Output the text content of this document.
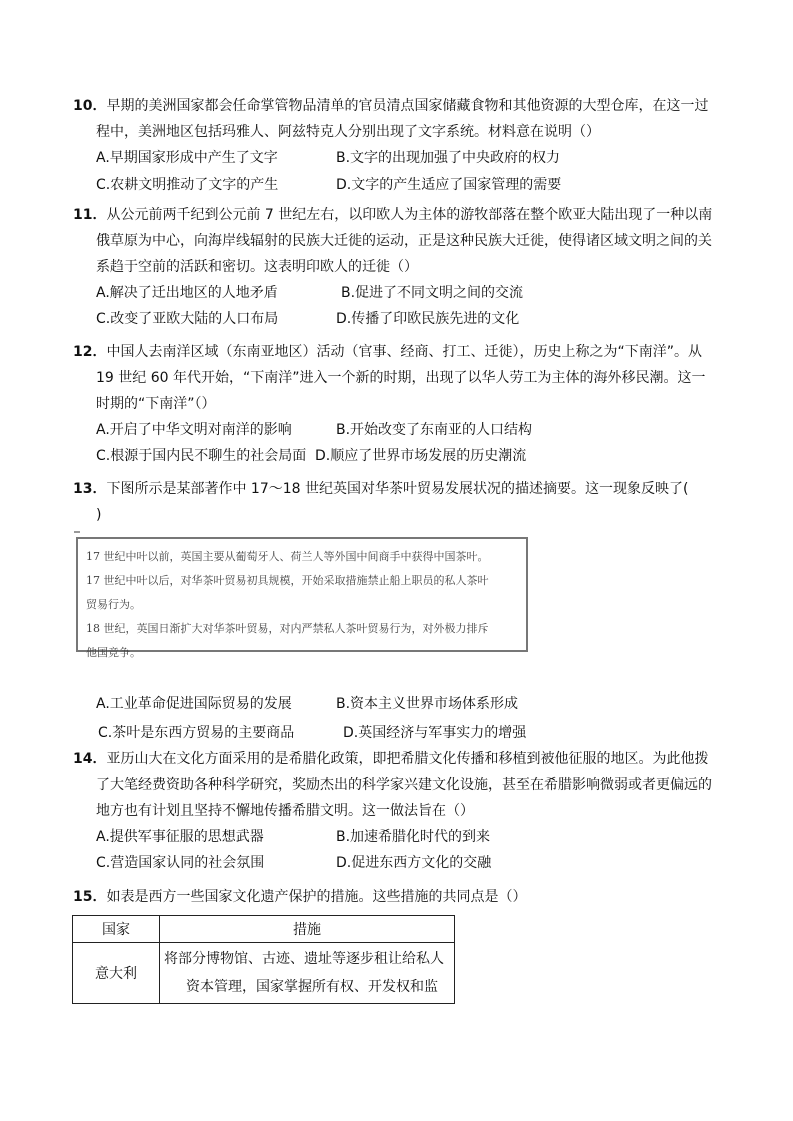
10．早期的美洲国家都会任命掌管物品清单的官员清点国家储藏食物和其他资源的大型仓库，在这一过
程中，美洲地区包括玛雅人、阿兹特克人分别出现了文字系统。材料意在说明（）
A.早期国家形成中产生了文字	B.文字的出现加强了中央政府的权力
C.农耕文明推动了文字的产生	D.文字的产生适应了国家管理的需要
11．从公元前两千纪到公元前 7 世纪左右，以印欧人为主体的游牧部落在整个欧亚大陆出现了一种以南
俄草原为中心，向海岸线辐射的民族大迁徙的运动，正是这种民族大迁徙，使得诸区域文明之间的关
系趋于空前的活跃和密切。这表明印欧人的迁徙（）
A.解决了迁出地区的人地矛盾	B.促进了不同文明之间的交流
C.改变了亚欧大陆的人口布局	D.传播了印欧民族先进的文化
12．中国人去南洋区域（东南亚地区）活动（官事、经商、打工、迁徙），历史上称之为“下南洋”。从
19 世纪 60 年代开始，“下南洋”进入一个新的时期，出现了以华人劳工为主体的海外移民潮。这一
时期的“下南洋”（）
A.开启了中华文明对南洋的影响	B.开始改变了东南亚的人口结构
C.根源于国内民不聊生的社会局面 D.顺应了世界市场发展的历史潮流
13．下图所示是某部著作中 17～18 世纪英国对华茶叶贸易发展状况的描述摘要。这一现象反映了(
)
17 世纪中叶以前，英国主要从葡萄牙人、荷兰人等外国中间商手中获得中国茶叶。
17 世纪中叶以后，对华茶叶贸易初具规模，开始采取措施禁止船上职员的私人茶叶
贸易行为。
18 世纪，英国日渐扩大对华茶叶贸易，对内严禁私人茶叶贸易行为，对外极力排斥
他国竞争。
A.工业革命促进国际贸易的发展	B.资本主义世界市场体系形成
C.茶叶是东西方贸易的主要商品	D.英国经济与军事实力的增强
14．亚历山大在文化方面采用的是希腊化政策，即把希腊文化传播和移植到被他征服的地区。为此他拨
了大笔经费资助各种科学研究，奖励杰出的科学家兴建文化设施，甚至在希腊影响微弱或者更偏远的
地方也有计划且坚持不懈地传播希腊文明。这一做法旨在（）
A.提供军事征服的思想武器	B.加速希腊化时代的到来
C.营造国家认同的社会氛围	D.促进东西方文化的交融
15．如表是西方一些国家文化遗产保护的措施。这些措施的共同点是（）
国家	措施
意大利	将部分博物馆、古迹、遗址等逐步租让给私人
资本管理，国家掌握所有权、开发权和监
